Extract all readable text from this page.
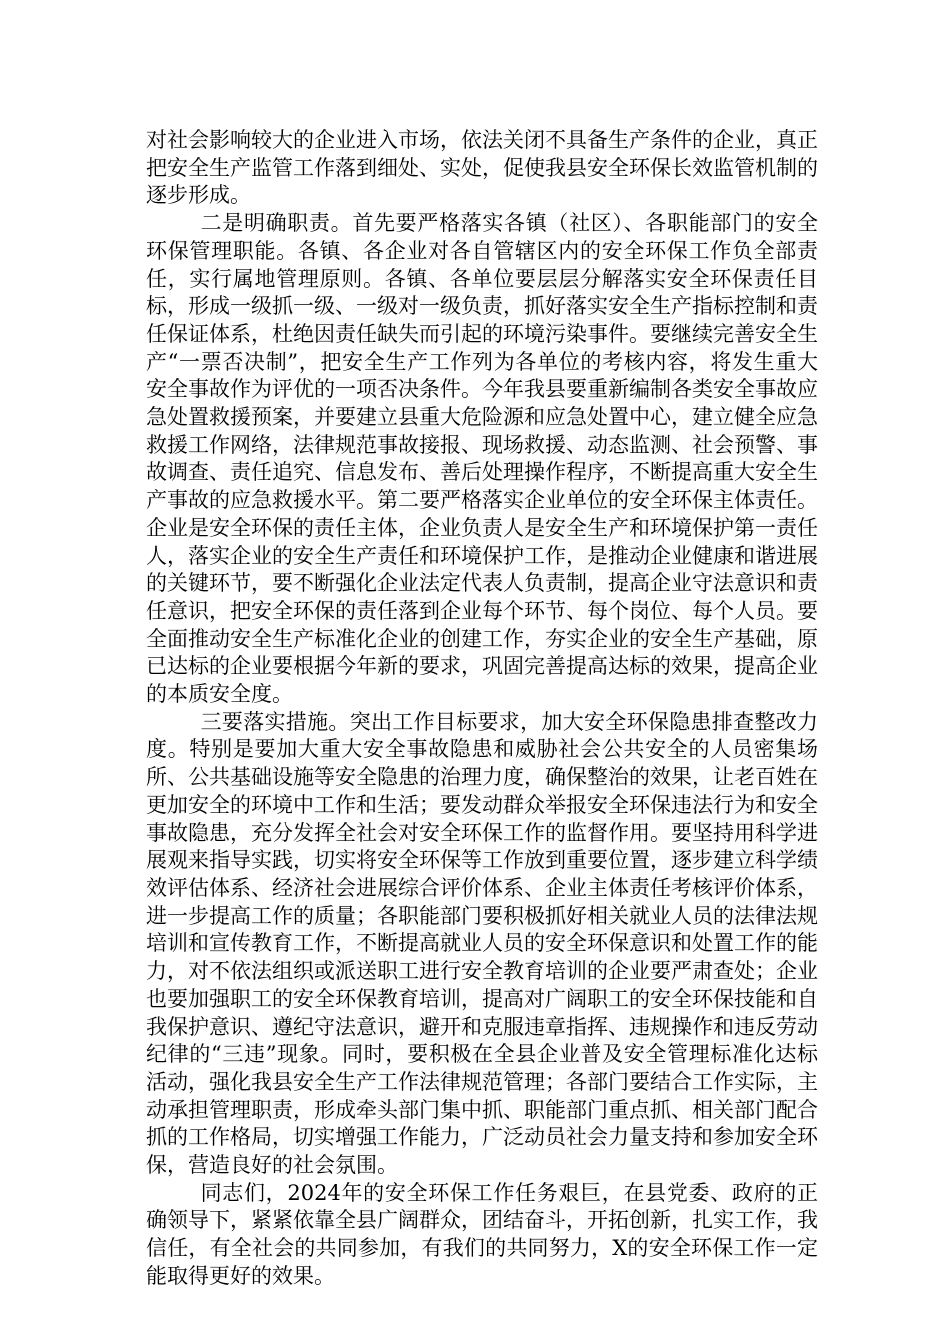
对社会影响较大的企业进入市场，依法关闭不具备生产条件的企业，真正把安全生产监管工作落到细处、实处，促使我县安全环保长效监管机制的逐步形成。

二是明确职责。首先要严格落实各镇（社区）、各职能部门的安全环保管理职能。各镇、各企业对各自管辖区内的安全环保工作负全部责任，实行属地管理原则。各镇、各单位要层层分解落实安全环保责任目标，形成一级抓一级、一级对一级负责，抓好落实安全生产指标控制和责任保证体系，杜绝因责任缺失而引起的环境污染事件。要继续完善安全生产“一票否决制”，把安全生产工作列为各单位的考核内容，将发生重大安全事故作为评优的一项否决条件。今年我县要重新编制各类安全事故应急处置救援预案，并要建立县重大危险源和应急处置中心，建立健全应急救援工作网络，法律规范事故接报、现场救援、动态监测、社会预警、事故调查、责任追究、信息发布、善后处理操作程序，不断提高重大安全生产事故的应急救援水平。第二要严格落实企业单位的安全环保主体责任。企业是安全环保的责任主体，企业负责人是安全生产和环境保护第一责任人，落实企业的安全生产责任和环境保护工作，是推动企业健康和谐进展的关键环节，要不断强化企业法定代表人负责制，提高企业守法意识和责任意识，把安全环保的责任落到企业每个环节、每个岗位、每个人员。要全面推动安全生产标准化企业的创建工作，夯实企业的安全生产基础，原已达标的企业要根据今年新的要求，巩固完善提高达标的效果，提高企业的本质安全度。

三要落实措施。突出工作目标要求，加大安全环保隐患排查整改力度。特别是要加大重大安全事故隐患和威胁社会公共安全的人员密集场所、公共基础设施等安全隐患的治理力度，确保整治的效果，让老百姓在更加安全的环境中工作和生活；要发动群众举报安全环保违法行为和安全事故隐患，充分发挥全社会对安全环保工作的监督作用。要坚持用科学进展观来指导实践，切实将安全环保等工作放到重要位置，逐步建立科学绩效评估体系、经济社会进展综合评价体系、企业主体责任考核评价体系，进一步提高工作的质量；各职能部门要积极抓好相关就业人员的法律法规培训和宣传教育工作，不断提高就业人员的安全环保意识和处置工作的能力，对不依法组织或派送职工进行安全教育培训的企业要严肃查处；企业也要加强职工的安全环保教育培训，提高对广阔职工的安全环保技能和自我保护意识、遵纪守法意识，避开和克服违章指挥、违规操作和违反劳动纪律的“三违”现象。同时，要积极在全县企业普及安全管理标准化达标活动，强化我县安全生产工作法律规范管理；各部门要结合工作实际，主动承担管理职责，形成牵头部门集中抓、职能部门重点抓、相关部门配合抓的工作格局，切实增强工作能力，广泛动员社会力量支持和参加安全环保，营造良好的社会氛围。

同志们，2024年的安全环保工作任务艰巨，在县党委、政府的正确领导下，紧紧依靠全县广阔群众，团结奋斗，开拓创新，扎实工作，我信任，有全社会的共同参加，有我们的共同努力，X的安全环保工作一定能取得更好的效果。
